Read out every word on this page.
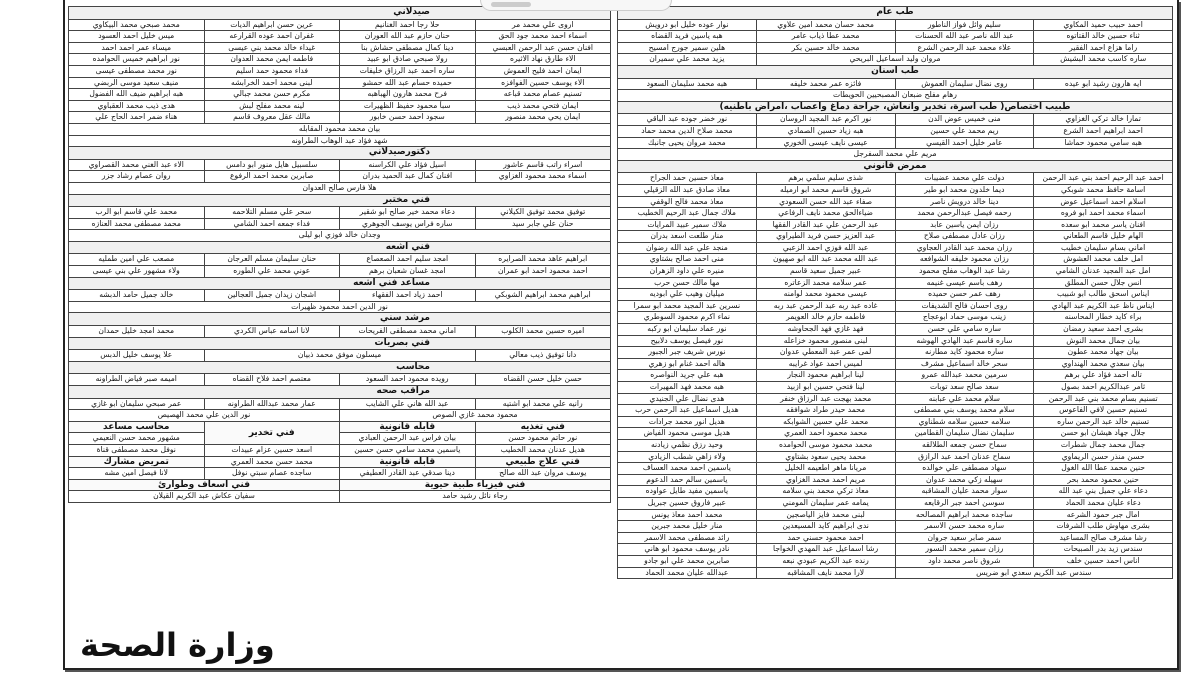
صيدلاني			
اروى علي محمد مر	حلا رجا احمد الغنانيم	عرين حسن ابراهيم الديات	محمد صبحي محمد البيكاوي
اسماء احمد محمد جود الحق	حنان حازم عبد الله العوران	غفران احمد عوده القرارعه	ميس خليل احمد العسود
افنان حسن عبد الرحمن العبسي	دينا كمال مصطفى حشاش بنا	غيداء خالد محمد بني عيسى	ميساء عمر احمد احمد
الاء طارق نهاد الاثيره	رولا صبحي صادق ابو عبيد	فاطمه ايمن محمد العدوان	نور ابراهيم خميس الحوامده
ايمان احمد فليح العموش	ساره احمد عبد الرزاق خليفات	فداء محمود حمد اسليم	نور محمد مصطفى عيسى
الاء يوسف حسين الفوافزه	حميده حسام عبد الله حمشو	لبنى محمد احمد الخرابشه	منيف سعيد موسى الربضي
تسنيم عصام محمد قباعه	فرح محمد هارون الهباهبه	مكرم حسن محمد جبالي	هبه ابراهيم ضيف الله الفضول
ايمان فتحي محمد ذيب	سبأ محمود حفيظ الظهيرات	لينه محمد مفلح لبش	هدى ذيب محمد العقباوي
ايمان يحي محمد منصور	سجود احمد حسن خابور	مالك عقل معروف قاسم	هناء ضمر احمد الحاج علي
بيان محمد محمود المقابله			
شهد فؤاد عبد الوهاب الطراونه			
دكتورصيدلاني			
اسراء راتب قاسم عاشور	اسيل فؤاد علي الكراسنه	سلسبيل هايل منور ابو دامس	الاء عبد الغني محمد القصراوي
اسماء محمد محمود الغزاوي	افنان كمال عبد الحميد بدران	صابرين محمد احمد الرفوع	روان عصام رشاد جزر
هلا فارس صالح العدوان			
فني مختبر			
توفيق محمد توفيق الكيلاني	دعاء محمد خير صالح ابو شقير	سحر علي مسلم التلاحمه	محمد علي قاسم ابو الرب
حنان علي جابر سيد	ساره فراس يوسف الجوهري	فداء جمعه احمد الشامي	محمد مصطفى محمد العنازه
وجدان خالد فوزي ابو ليلى			
فني اشعه			
ابراهيم عاهد محمد الصرايره	امجد سليم احمد الصعصاع	حنان سليمان مسلم العرجان	مصعب علي امين طمليه
احمد محمود احمد ابو عمران	امجد غسان شعبان برهم	عوني محمد علي الطوره	ولاء مشهور علي بني عيسى
مساعد فني اشعه			
ابراهيم محمد ابراهيم الشوبكي	احمد زياد احمد الفقهاء	اشجان زيدان جميل العجالين	خالد جميل حامد الدبشه
نور الدين احمد محمود ظهيرات			
مرشد سني			
اميره حسين محمد الكلوب	اماني محمد مصطفى الفريحات	لانا اسامه عباس الكردي	محمد امجد خليل حمدان
فني بصريات			
دانا توفيق ذيب معالي	ميسلون موفق محمد ذبيان		علا يوسف خليل الدبس
محاسب			
حسن خليل حسن القضاه	رويده محمود احمد السعود	معتصم احمد فلاح القضاه	اميمه صبر فياض الطراونه
مراقب صحه			
رانيه علي محمد ابو اشتيه	عبد الله هاني علي الشايب	عمار محمد عبدالله الطراونه	عمر صبحي سليمان ابو غازي
محمود محمد غازي الصوص		نور الدين علي محمد الهصيص	
فني تغذيه	قابله قانونية	فني تخدير	محاسب مساعد
نور حاتم محمود حسن	بيان فراس عبد الرحمن العبادي		مشهور محمد حسن النعيمي
هديل عدنان محمد الخطيب	ياسمين محمد سامي حسن حسين	اسعد حسين عزام عبيدات	نوفل محمد مصطفى قناة
فني علاج طبيعي	قابله قانونية	محمد حسن محمد العمري	تمريض مشارك
يوسف مروان عبد الله صالح	دينا صدقي عبد القادر العطيفي	ساجده عصام سبتي نوفل	لانا فيصل امين مشه
فني فيزياء طبية حيوية		فني اسعاف وطوارئ	
رجاء نائل رشيد حامد		سفيان عكاش عبد الكريم القيلان	
طب عام			
احمد حبيب حميد المكاوي	سليم وائل فواز الناطور	محمد حسان محمد امين علاوي	نوار عوده خليل ابو درويش
ثناء حسين خالد القتاتوه	عبد الله ناصر عبد الله الحسنات	محمد عطا ذياب عامر	هبه ياسين فريد القضاه
راما هزاع احمد الفقير	علاء محمد عبد الرحمن الشرع	محمد خالد حسين بكر	هلين سمير جورج امسيح
ساره كاسب محمد البشيش	مروان وليد اسماعيل البريحي		يزيد محمد علي سميران
طب اسنان			
ايه هارون رشيد ابو عيده	روى نضال سليمان العموش	فائزه عمر محمد خليفه	هبه محمد سليمان السعود
رهام مفلح ضبعان المصبحيين الحويطات			
طبيب اختصاص( طب اسرة، تخدير وانعاش، جراحة دماغ واعصاب ،امراض باطنيه)			
تمارا خالد تركي الغزاوي	منى خميس عوض الدن	نور اكرم عبد المجيد الروسان	نور خضر جوده عبد الباقي
احمد ابراهيم احمد الشرع	ريم محمد علي حسين	هبه زياد حسين الصمادي	محمد صلاح الدين محمد حماد
هبه سامي محمود حماشا	عامر خليل احمد القيسي	عيسى نايف عيسى الخوري	محمد مروان يحيى جانبك
مريم علي محمد السفرجل			
ممرض قانوني			
احمد عبد الرحيم احمد بني عبد الرحمن	دولت علي محمد عضيبات	شذى سليم سلمي برهم	معاذ حسين حمد الجراح
اسامة حافظ محمد شوبكي	ديما خلدون محمد ابو طير	شروق قاسم محمد ابو ارميله	معاذ صادق عبد الله الزقيلي
اسلام احمد اسماعيل عوض	دينا خالد درويش ناصر	صفاء عبد الله حسن السعودي	معاذ محمد فالح الوقفي
اسماء محمد احمد ابو فروه	رحمه فيصل عبدالرحمن محمد	ضياءالحق محمد نايف الرفاعي	ملاك جمال عبد الرحيم الخطيب
افنان ياسر محمد ابو سعده	رزان ايمن ياسين عابد	عبد الرحمن علي عبد القادر الفقها	ملاك سمير عبيد المرايات
الهام خليل قاسم الطعاني	رزان عادل مصطفى صلاح	عبد العزيز حسن فريد الطيراوي	منار طلعت اسعد بدران
اماني بسام سليمان خطيب	رزان محمد عبد القادر العجاوي	عبد الله فوزي احمد الزعبي	منجد علي عبد الله رضوان
امل خلف محمد العشوش	رزان محمود خليفه الشوافعه	عبد الله محمد عبد الله ابو صهيون	منى احمد صالح بشتاوي
امل عبد المجيد عدنان الشامي	رشا عبد الوهاب مفلح محمود	عبير جميل سعيد قاسم	منيره علي داود الزهران
انس جلال حسن المطلق	رهف باسم عيسى غنيمه	عمر سلامه محمد الزعاتره	مها مالك حسن حرب
ايناس اسحق طالب ابو شبيب	رهف عمر حسن حميده	عيسى محمود محمد لوامنه	ميليان وهيب علي ابوديه
ايناس ناظ عبد الكريم عبد الهادي	روى احسان فالح الشديفات	غاده عبد ربه عبد الرحمن عبد ربه	نسرين عبد المجيد محمد ابو سمرا
براء كايد خطار المحاسنه	زينب موسى حماد ابوعجاج	فاطمه حازم خالد العويمر	نماء اكرم محمود السوطري
بشرى احمد سعيد رمضان	ساره سامي علي حسن	فهد غازي فهد الجحاوشه	نور عماد سليمان ابو ركبه
بيان جمال محمد النوش	ساره قاسم عبد الهادي الهوشه	لبنى منصور محمود خزاعله	نور فيصل يوسف دلابيح
بيان جهاد محمد عطون	ساره محمود كايد مطارنه	لمى عمر عبد المعطي عدوان	نورس شريف جبر الجبور
بيان سعدي محمد الهنداوي	سحر خالد اسماعيل مشرف	لميس احمد عواد غرايبه	هاله احمد غنام ابو زهري
تاله احمد فؤاد علي برهم	سرمين محمد عبدالله عمرو	لينا ابراهيم محمود النجار	هبه علي جريد النواصره
ثامر عبدالكريم احمد بصول	سعد صالح سعد توبات	لينا فتحي حسين ابو ازبيد	هبه محمد فهد المهيرات
تسنيم بسام محمد بني عبد الرحمن	سلام محمد علي عبابنه	محمد بهجت عبد الرزاق خنفر	هدى نضال علي الجنيدي
تسنيم حسين لافي الفاعوس	سلام محمد يوسف بني مصطفى	محمد حيدر طراد شوافقه	هديل اسماعيل عبد الرحمن حرب
تسنيم خالد عبد الرحمن ساره	سلامه حسين سلامه شطناوي	محمد علي حسين الشوابكه	هديل انور محمد جرادات
جلال جهاد هيشان ابو حسن	سليمان نضال سليمان القطامين	محمد محمود احمد العمري	هديل موسى محمود الفياض
جمال محمد جمال شطرات	سماح حسن جمعه الطلالقه	محمد محمود موسى الحوامده	وحيد رزق نظمي زيادنه
حسن منذر حسن الريماوي	سماح عدنان احمد عبد الرازق	محمد يحيى سعود بشتاوي	ولاء زاهي شطب الزيادي
حنين محمد عطا الله الغول	سهاد مصطفى علي خوالده	مريانا ماهر اطعيمه الخليل	ياسمين احمد محمد العساف
حنين محمود محمد بحر	سهيله زكي محمد عدوان	مريم احمد محمد الغزاوي	ياسمين سالم حمد الدعوم
دعاء علي جميل بني عبد الله	سوار محمد عليان المشاقبه	معاذ تركي محمد بني سلامه	ياسمين مفيد طايل عواوده
دعاء عليان محمد الحماد	سوسن احمد جبر الرقايعه	يمامه عمر سليمان المومني	عبير فاروق حسين جبريل
امال جبر حمود الشرعه	ساجده محمد ابراهيم المصالحه	لبنى محمد فايز الياصجين	محمد احمد معاذ يونس
بشرى مهاوش طلب الشرفات	ساره محمد حسن الاسمر	ندى ابراهيم كايد المسيعدين	منار خليل محمد جبرين
رشا مشرف صالح المساعيد	سمر صابر سعيد جروان	احمد محمود حسني حمد	رائد مصطفى محمد الاسمر
سندس زيد بدر الصبيحات	رزان سمير محمد النسور	رشا اسماعيل عبد المهدي الخواجا	نادر يوسف محمود ابو هاني
اناس احمد حسين خلف	شروق ناصر محمد داود	رنده عبد الكريم عبودي نبعه	صابرين محمد علي ابو جادو
سندس عبد الكريم سعدي ابو ضريس		لارا محمد نايف المشاقبه	عبدالله عليان محمد الحماد
وزارة الصحة
